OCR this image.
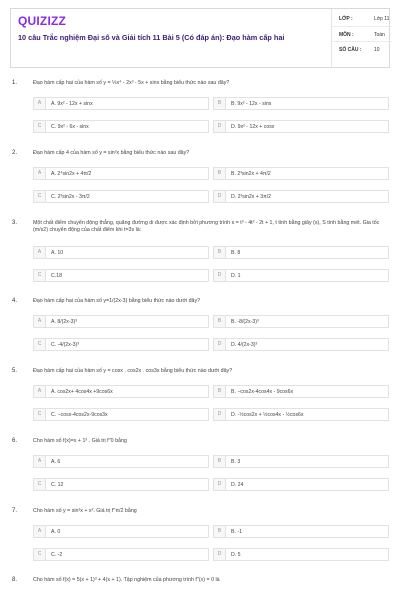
QUIZIZZ
10 câu Trắc nghiệm Đại số và Giải tích 11 Bài 5 (Có đáp án): Đạo hàm cấp hai
LỚP :	Lớp 11
MÔN :	Toán
SỐ CÂU :	10
1.	Đạo hàm cấp hai của hàm số y = ⅓x⁴ - 2x³ - 5x + sinx bằng biểu thức nào sau đây?
A	A. 9x² - 12x + sinx	B	B. 9x² - 12x - sinx
C	C. 9x² - 6x - sinx	D	D. 9x² - 12x + cosx
2.	Đạo hàm cấp 4 của hàm số y = sin²x bằng biểu thức nào sau đây?
A	A. 2⁴sin2x + 4π/2	B	B. 2³sin2x + 4π/2
C	C. 2³sin2x - 3π/2	D	D. 2³sin2x + 3π/2
3.	Một chất điểm chuyển động thẳng, quãng đường di được xác định bởi phương trình s = t³ - 4t² - 2t + 1, t tính bằng giây (s), S tính bằng mét. Gia tốc (m/s2) chuyển động của chất điểm khi t=3s là:
A	A. 10	B	B. 8
C	C.18	D	D. 1
4.	Đạo hàm cấp hai của hàm số y=1/(2x-3) bằng biểu thức nào dưới đây?
A	A. 8/(2x-3)³	B	B. -8/(2x-3)³
C	C. -4/(2x-3)³	D	D. 4/(2x-3)³
5.	Đạo hàm cấp hai của hàm số y = cosx . cos2x . cos3x bằng biểu thức nào dưới đây?
A	A. cos2x+ 4cos4x +9cos6x	B	B. −cos2x-4cos4x - 9cos6x
C	C. −cosx-4cos2x-9cos3x	D	D. -½cos2x + ½cos4x - ½cos6x
6.	Cho hàm số f(x)=x + 1³ . Giá trị f''0 bằng
A	A. 6	B	B. 3
C	C. 12	D	D. 24
7.	Cho hàm số y = sin³x + x². Giá trị f''π/2 bằng
A	A. 0	B	B. -1
C	C. -2	D	D. 5
8.	Cho hàm số f(x) = 5(x + 1)³ + 4(x + 1). Tập nghiệm của phương trình f''(x) = 0 là
